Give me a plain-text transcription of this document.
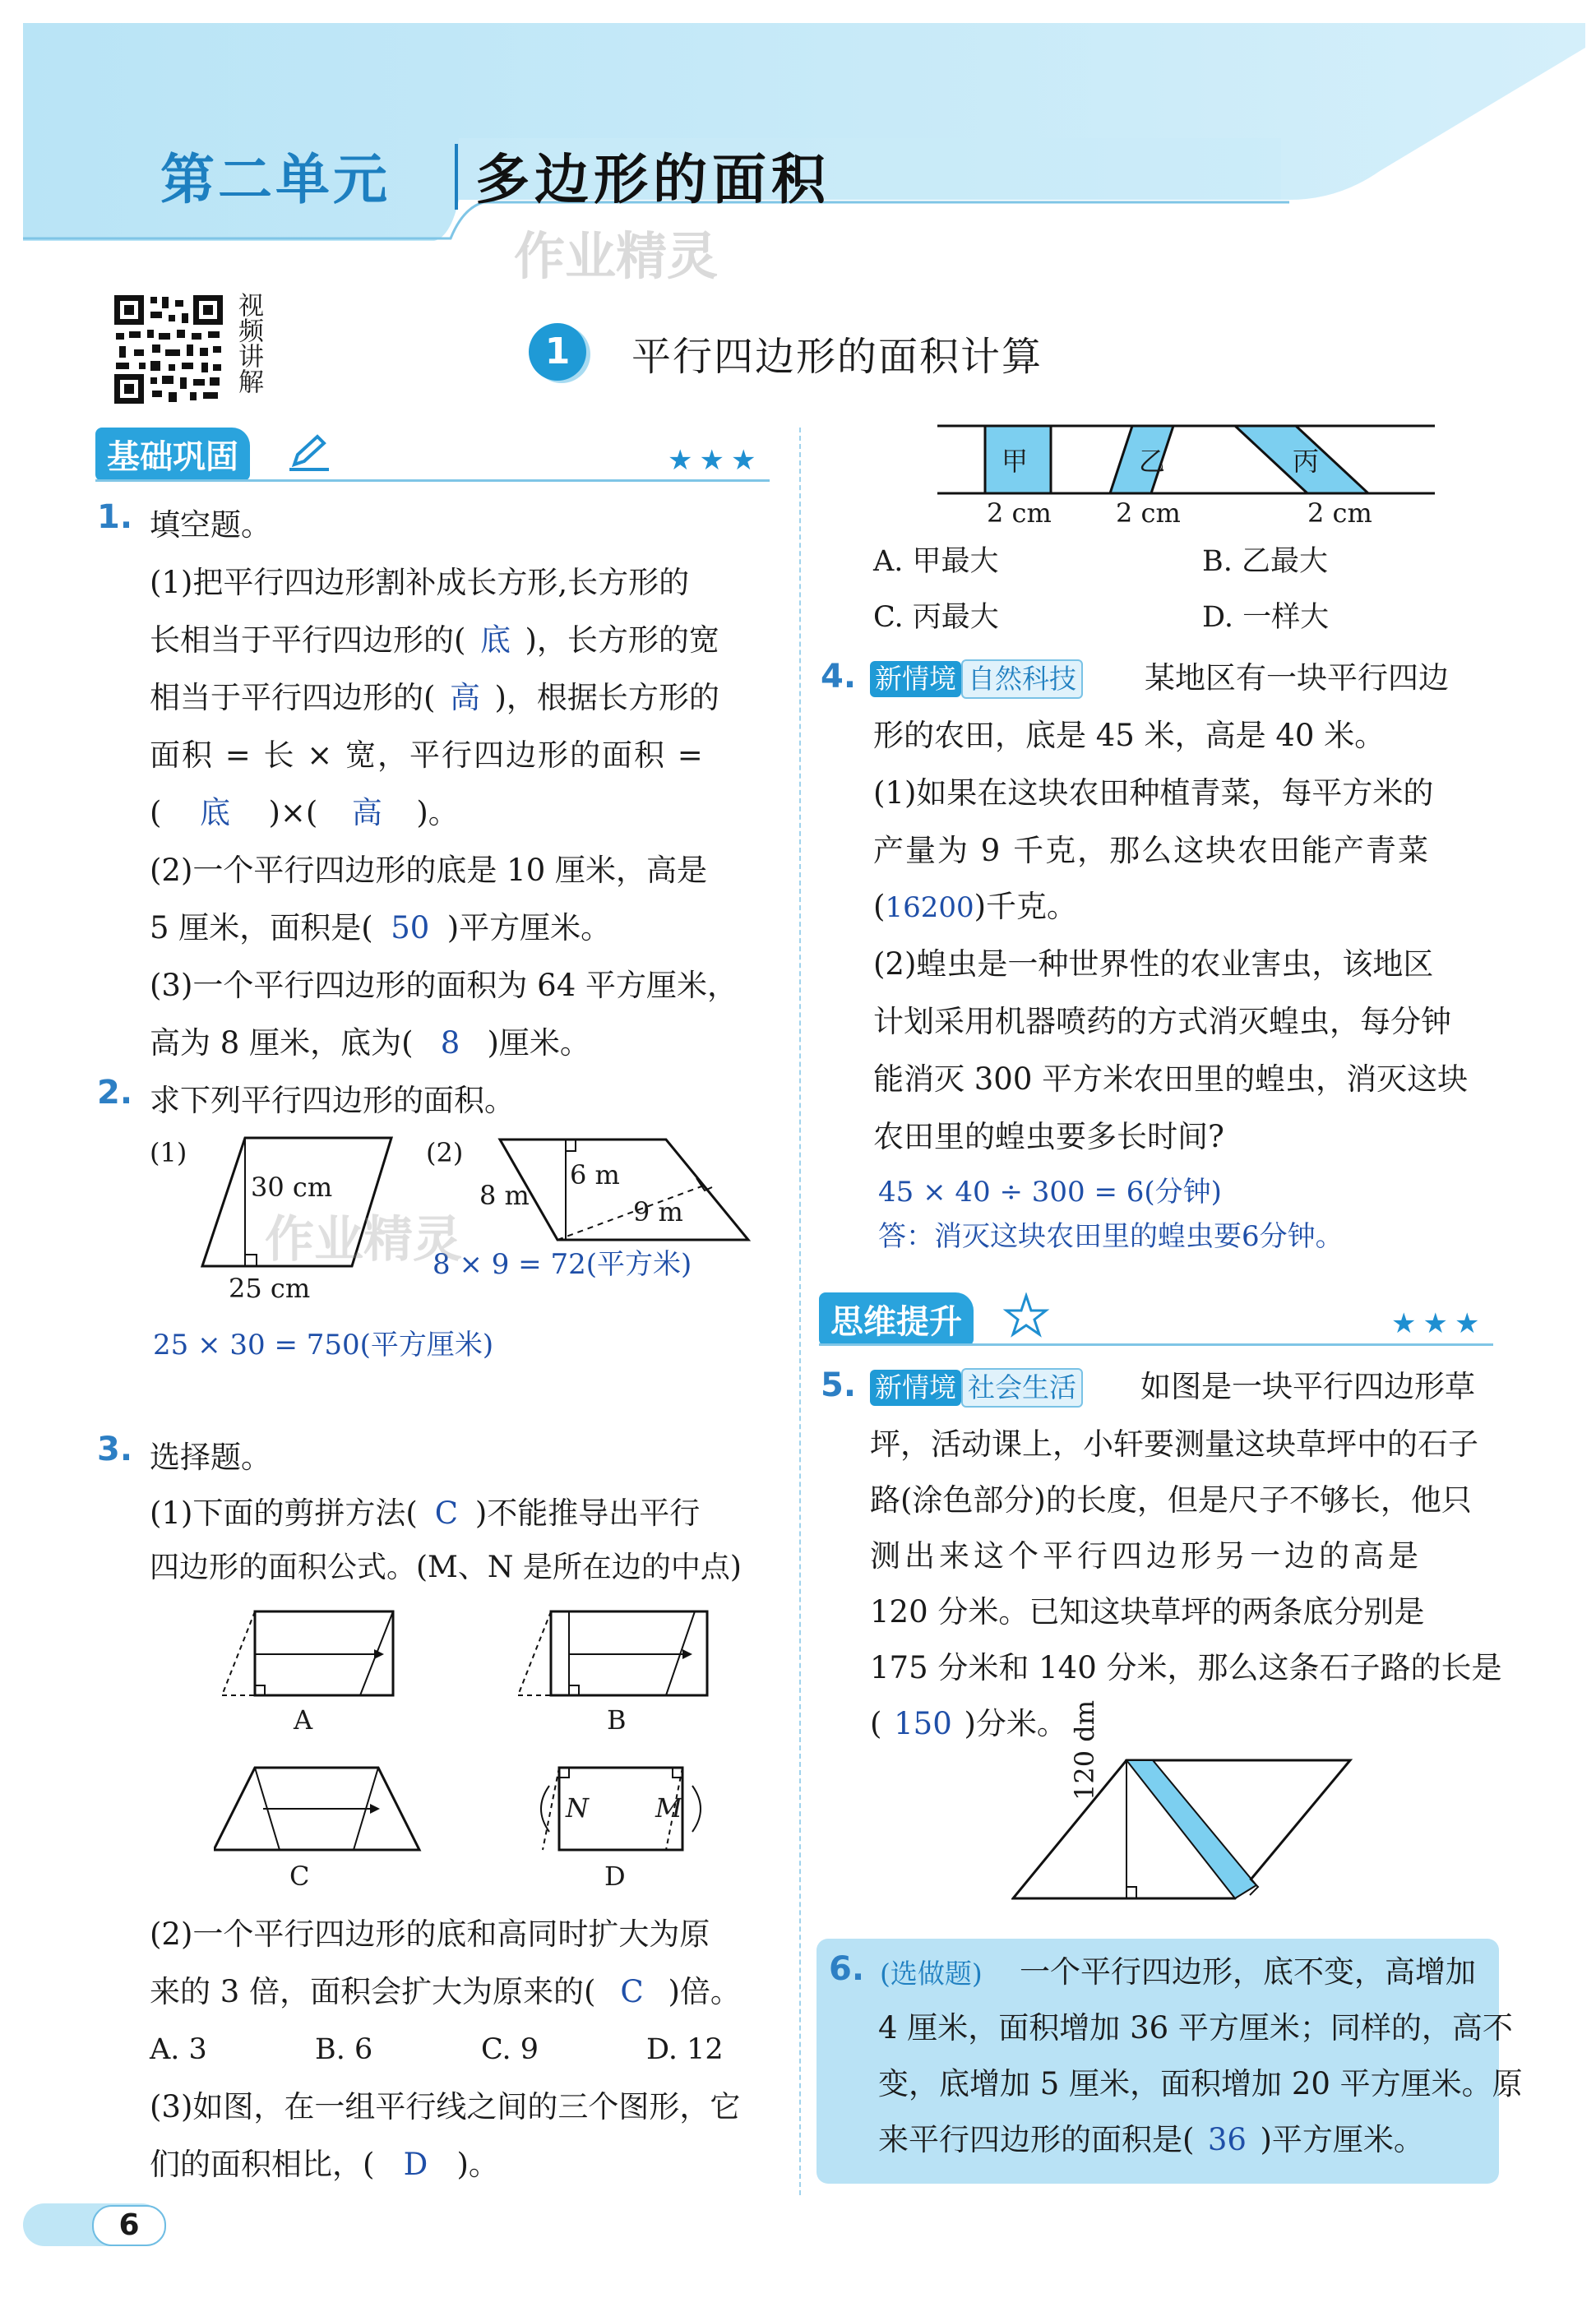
第二单元 多边形的面积
作业精灵
视频讲解	1	平行四边形的面积计算
基础巩固	★★★
1. 填空题。
(1)把平行四边形割补成长方形,长方形的
长相当于平行四边形的( 底 )，长方形的宽
相当于平行四边形的( 高 )，根据长方形的
面积 = 长 × 宽，平行四边形的面积 =
( 底 )×( 高 )。
(2)一个平行四边形的底是 10 厘米，高是
5 厘米，面积是( 50 )平方厘米。
(3)一个平行四边形的面积为 64 平方厘米，
高为 8 厘米，底为( 8 )厘米。
2. 求下列平行四边形的面积。
(1)
30 cm
25 cm
25 × 30 = 750(平方厘米)
(2)
8 m
6 m
9 m
8 × 9 = 72(平方米)
作业精灵
3. 选择题。
(1)下面的剪拼方法( C )不能推导出平行
四边形的面积公式。(M、N 是所在边的中点)
A	B
C	D
N	M
(2)一个平行四边形的底和高同时扩大为原
来的 3 倍，面积会扩大为原来的( C )倍。
A. 3	B. 6	C. 9	D. 12
(3)如图，在一组平行线之间的三个图形，它
们的面积相比，( D )。
甲	乙	丙
2 cm 2 cm	2 cm
A. 甲最大	B. 乙最大
C. 丙最大	D. 一样大
4. 新情境 自然科技 某地区有一块平行四边
形的农田，底是 45 米，高是 40 米。
(1)如果在这块农田种植青菜，每平方米的
产量为 9 千克，那么这块农田能产青菜
(16200)千克。
(2)蝗虫是一种世界性的农业害虫，该地区
计划采用机器喷药的方式消灭蝗虫，每分钟
能消灭 300 平方米农田里的蝗虫，消灭这块
农田里的蝗虫要多长时间?
45 × 40 ÷ 300 = 6(分钟)
答：消灭这块农田里的蝗虫要6分钟。
思维提升	★★★
5. 新情境 社会生活 如图是一块平行四边形草
坪，活动课上，小轩要测量这块草坪中的石子
路(涂色部分)的长度，但是尺子不够长，他只
测出来这个平行四边形另一边的高是
120 分米。已知这块草坪的两条底分别是
175 分米和 140 分米，那么这条石子路的长是
( 150 )分米。 120 dm
6. (选做题) 一个平行四边形，底不变，高增加
4 厘米，面积增加 36 平方厘米；同样的，高不
变，底增加 5 厘米，面积增加 20 平方厘米。原
来平行四边形的面积是( 36 )平方厘米。
6
